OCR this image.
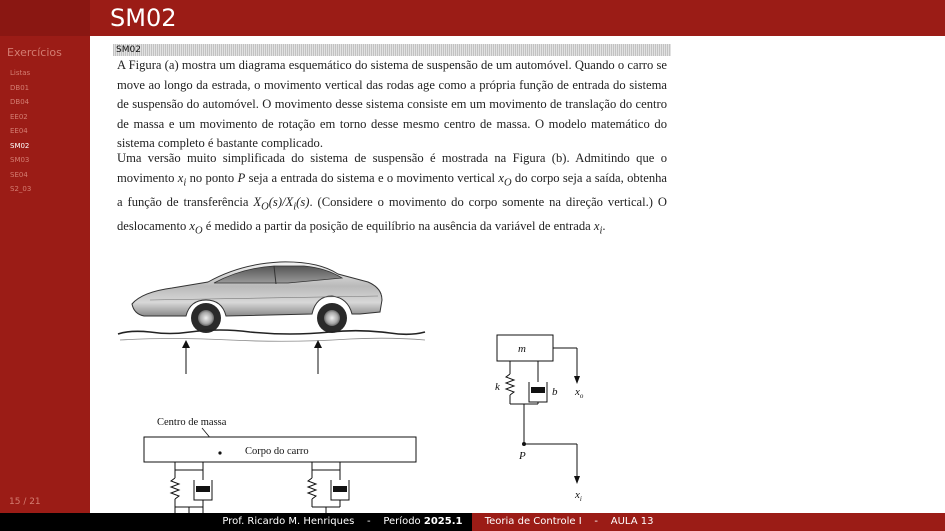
SM02
Exercícios
Listas
DB01
DB04
EE02
EE04
SM02
SM03
SE04
S2_03
15 / 21
SM02

A Figura (a) mostra um diagrama esquemático do sistema de suspensão de um automóvel. Quando o carro se move ao longo da estrada, o movimento vertical das rodas age como a própria função de entrada do sistema de suspensão do automóvel. O movimento desse sistema consiste em um movimento de translação do centro de massa e um movimento de rotação em torno desse mesmo centro de massa. O modelo matemático do sistema completo é bastante complicado.

Uma versão muito simplificada do sistema de suspensão é mostrada na Figura (b). Admitindo que o movimento $x_i$ no ponto P seja a entrada do sistema e o movimento vertical $x_O$ do corpo seja a saída, obtenha a função de transferência $X_O(s)/X_i(s)$. (Considere o movimento do corpo somente na direção vertical.) O deslocamento $x_O$ é medido a partir da posição de equilíbrio na ausência da variável de entrada $x_i$.

Centro de massa
Corpo do carro
m
k	b
P
$x_o$
$x_i$
Prof. Ricardo M. Henriques - Período 2025.1	Teoria de Controle I - AULA 13
